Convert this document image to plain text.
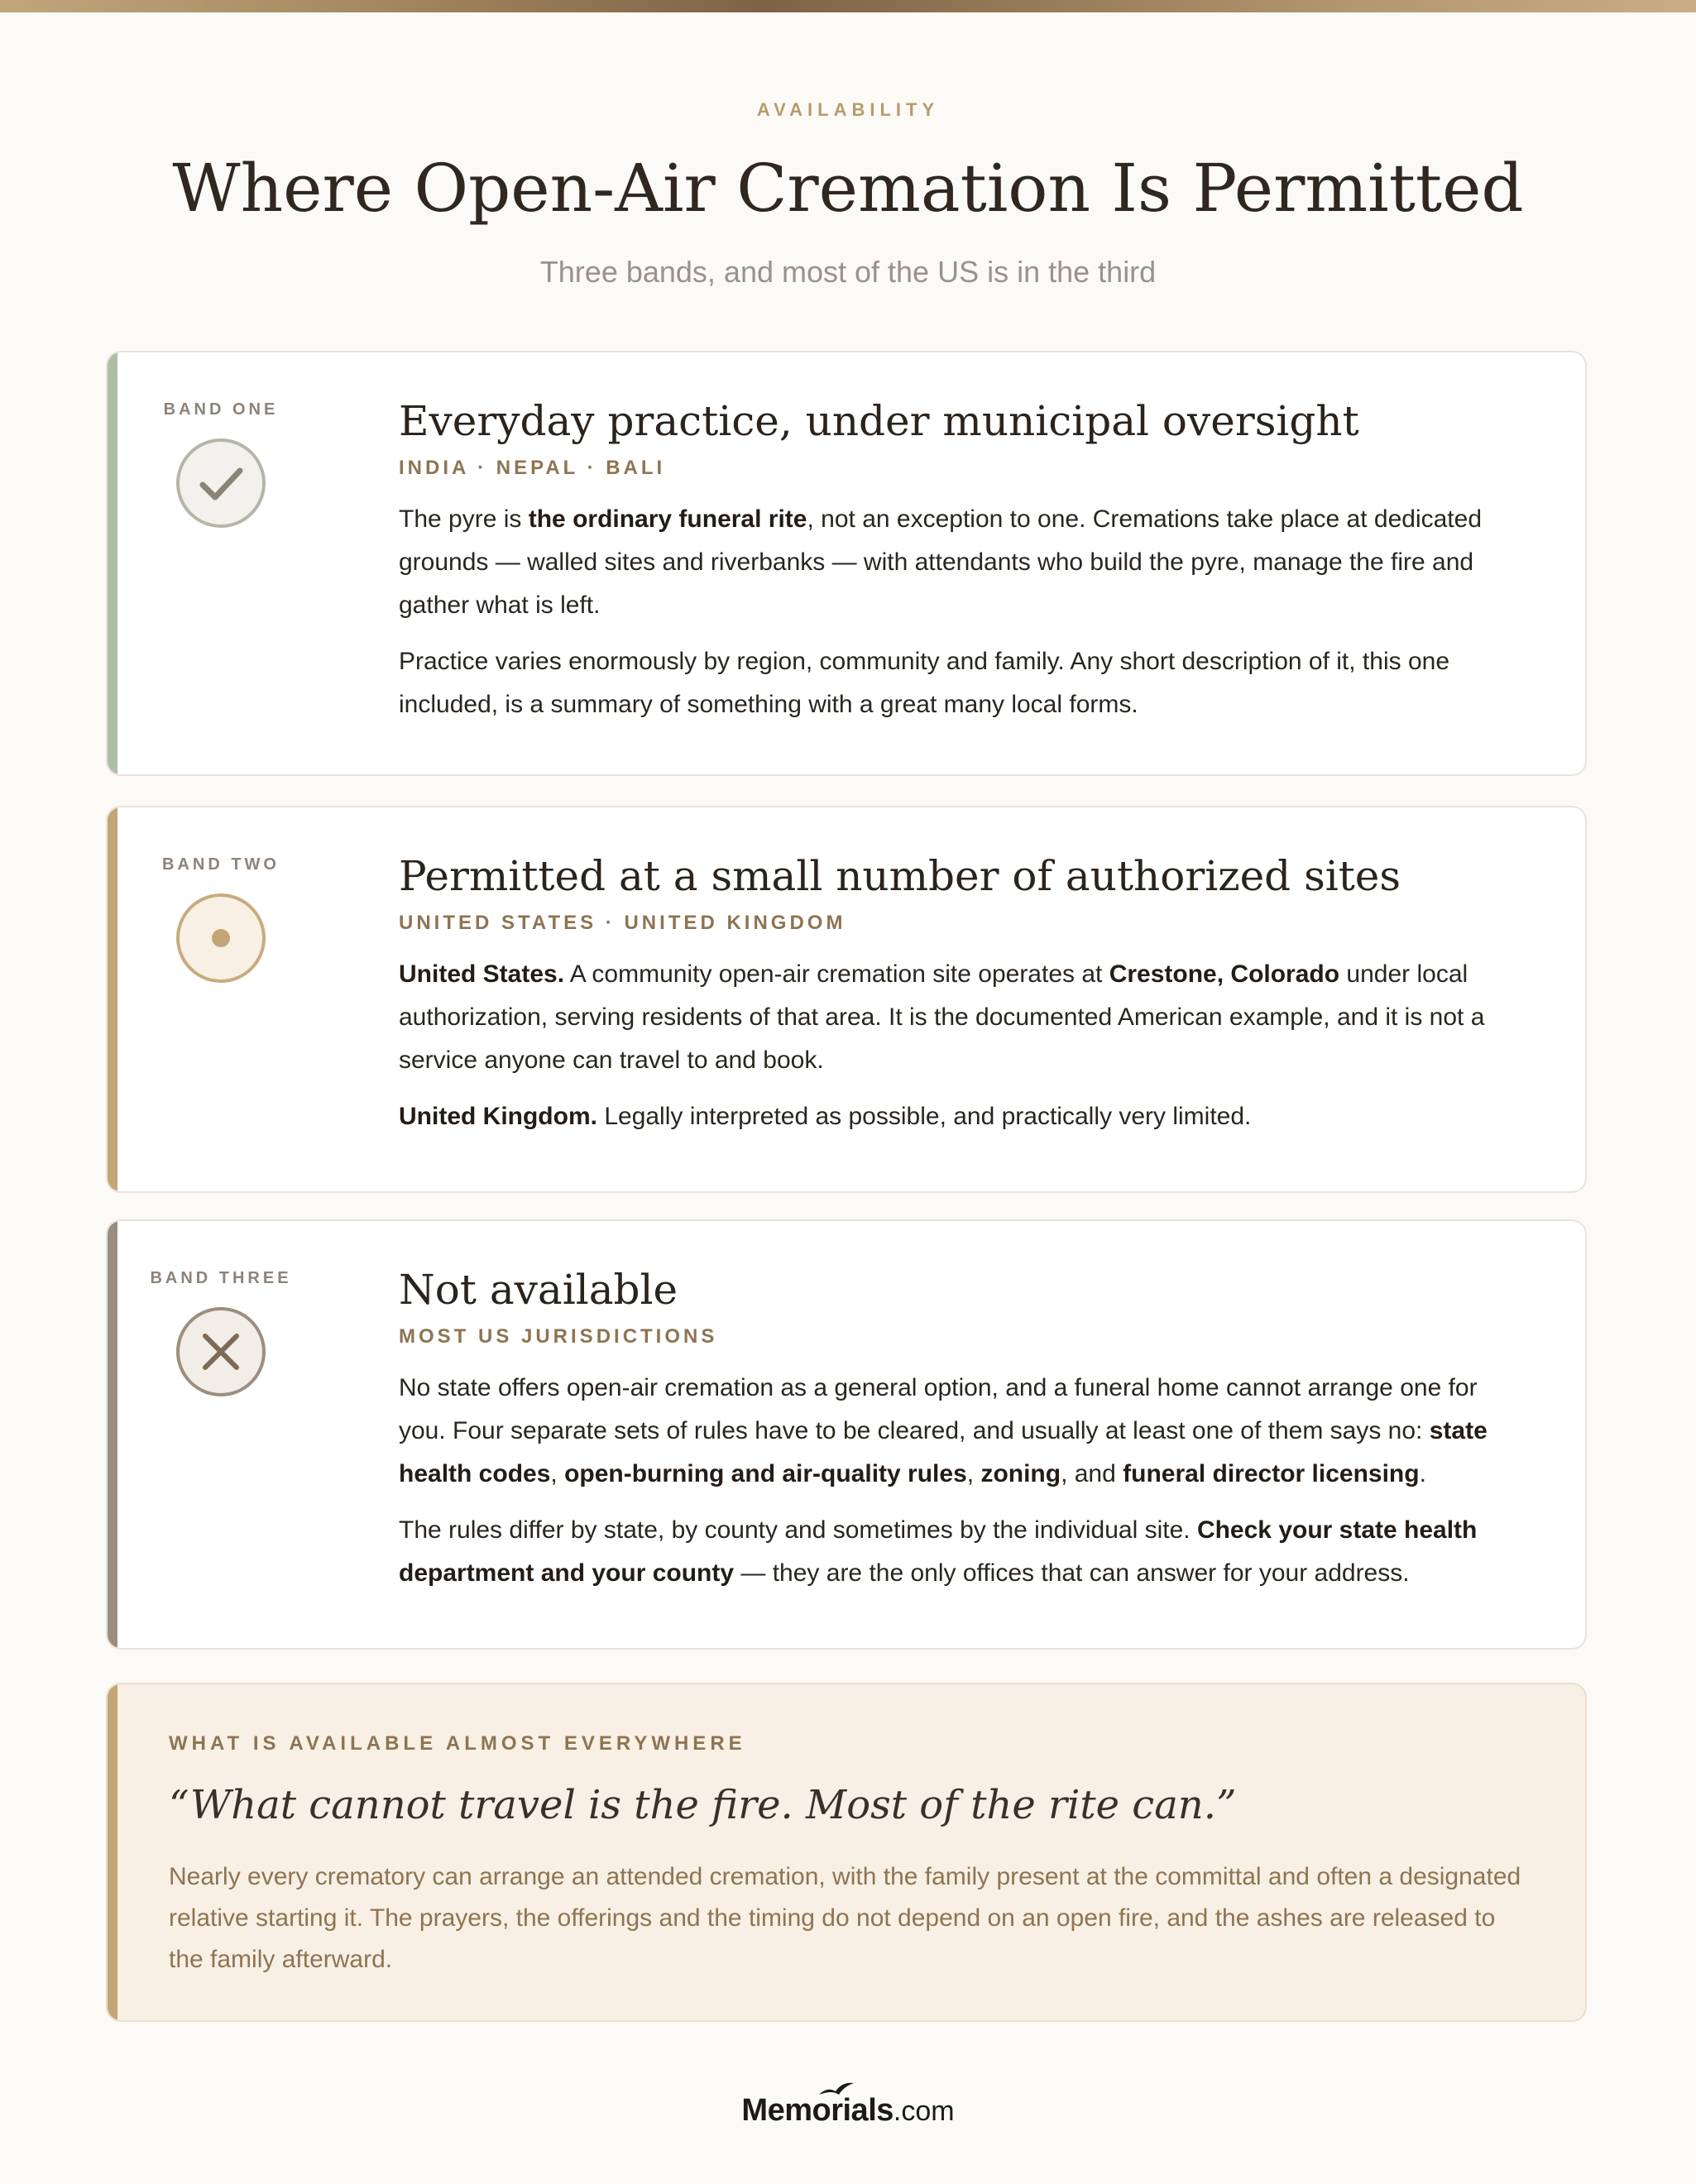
AVAILABILITY
Where Open-Air Cremation Is Permitted
Three bands, and most of the US is in the third
BAND ONE	Everyday practice, under municipal oversight
INDIA · NEPAL · BALI

The pyre is the ordinary funeral rite, not an exception to one. Cremations take place at dedicated grounds — walled sites and riverbanks — with attendants who build the pyre, manage the fire and gather what is left.

Practice varies enormously by region, community and family. Any short description of it, this one included, is a summary of something with a great many local forms.

BAND TWO	Permitted at a small number of authorized sites
UNITED STATES · UNITED KINGDOM

United States. A community open-air cremation site operates at Crestone, Colorado under local authorization, serving residents of that area. It is the documented American example, and it is not a service anyone can travel to and book.

United Kingdom. Legally interpreted as possible, and practically very limited.

BAND THREE	Not available
MOST US JURISDICTIONS

No state offers open-air cremation as a general option, and a funeral home cannot arrange one for you. Four separate sets of rules have to be cleared, and usually at least one of them says no: state health codes, open-burning and air-quality rules, zoning, and funeral director licensing.

The rules differ by state, by county and sometimes by the individual site. Check your state health department and your county — they are the only offices that can answer for your address.

WHAT IS AVAILABLE ALMOST EVERYWHERE
“What cannot travel is the fire. Most of the rite can.”
Nearly every crematory can arrange an attended cremation, with the family present at the committal and often a designated relative starting it. The prayers, the offerings and the timing do not depend on an open fire, and the ashes are released to the family afterward.
Memorials.com
